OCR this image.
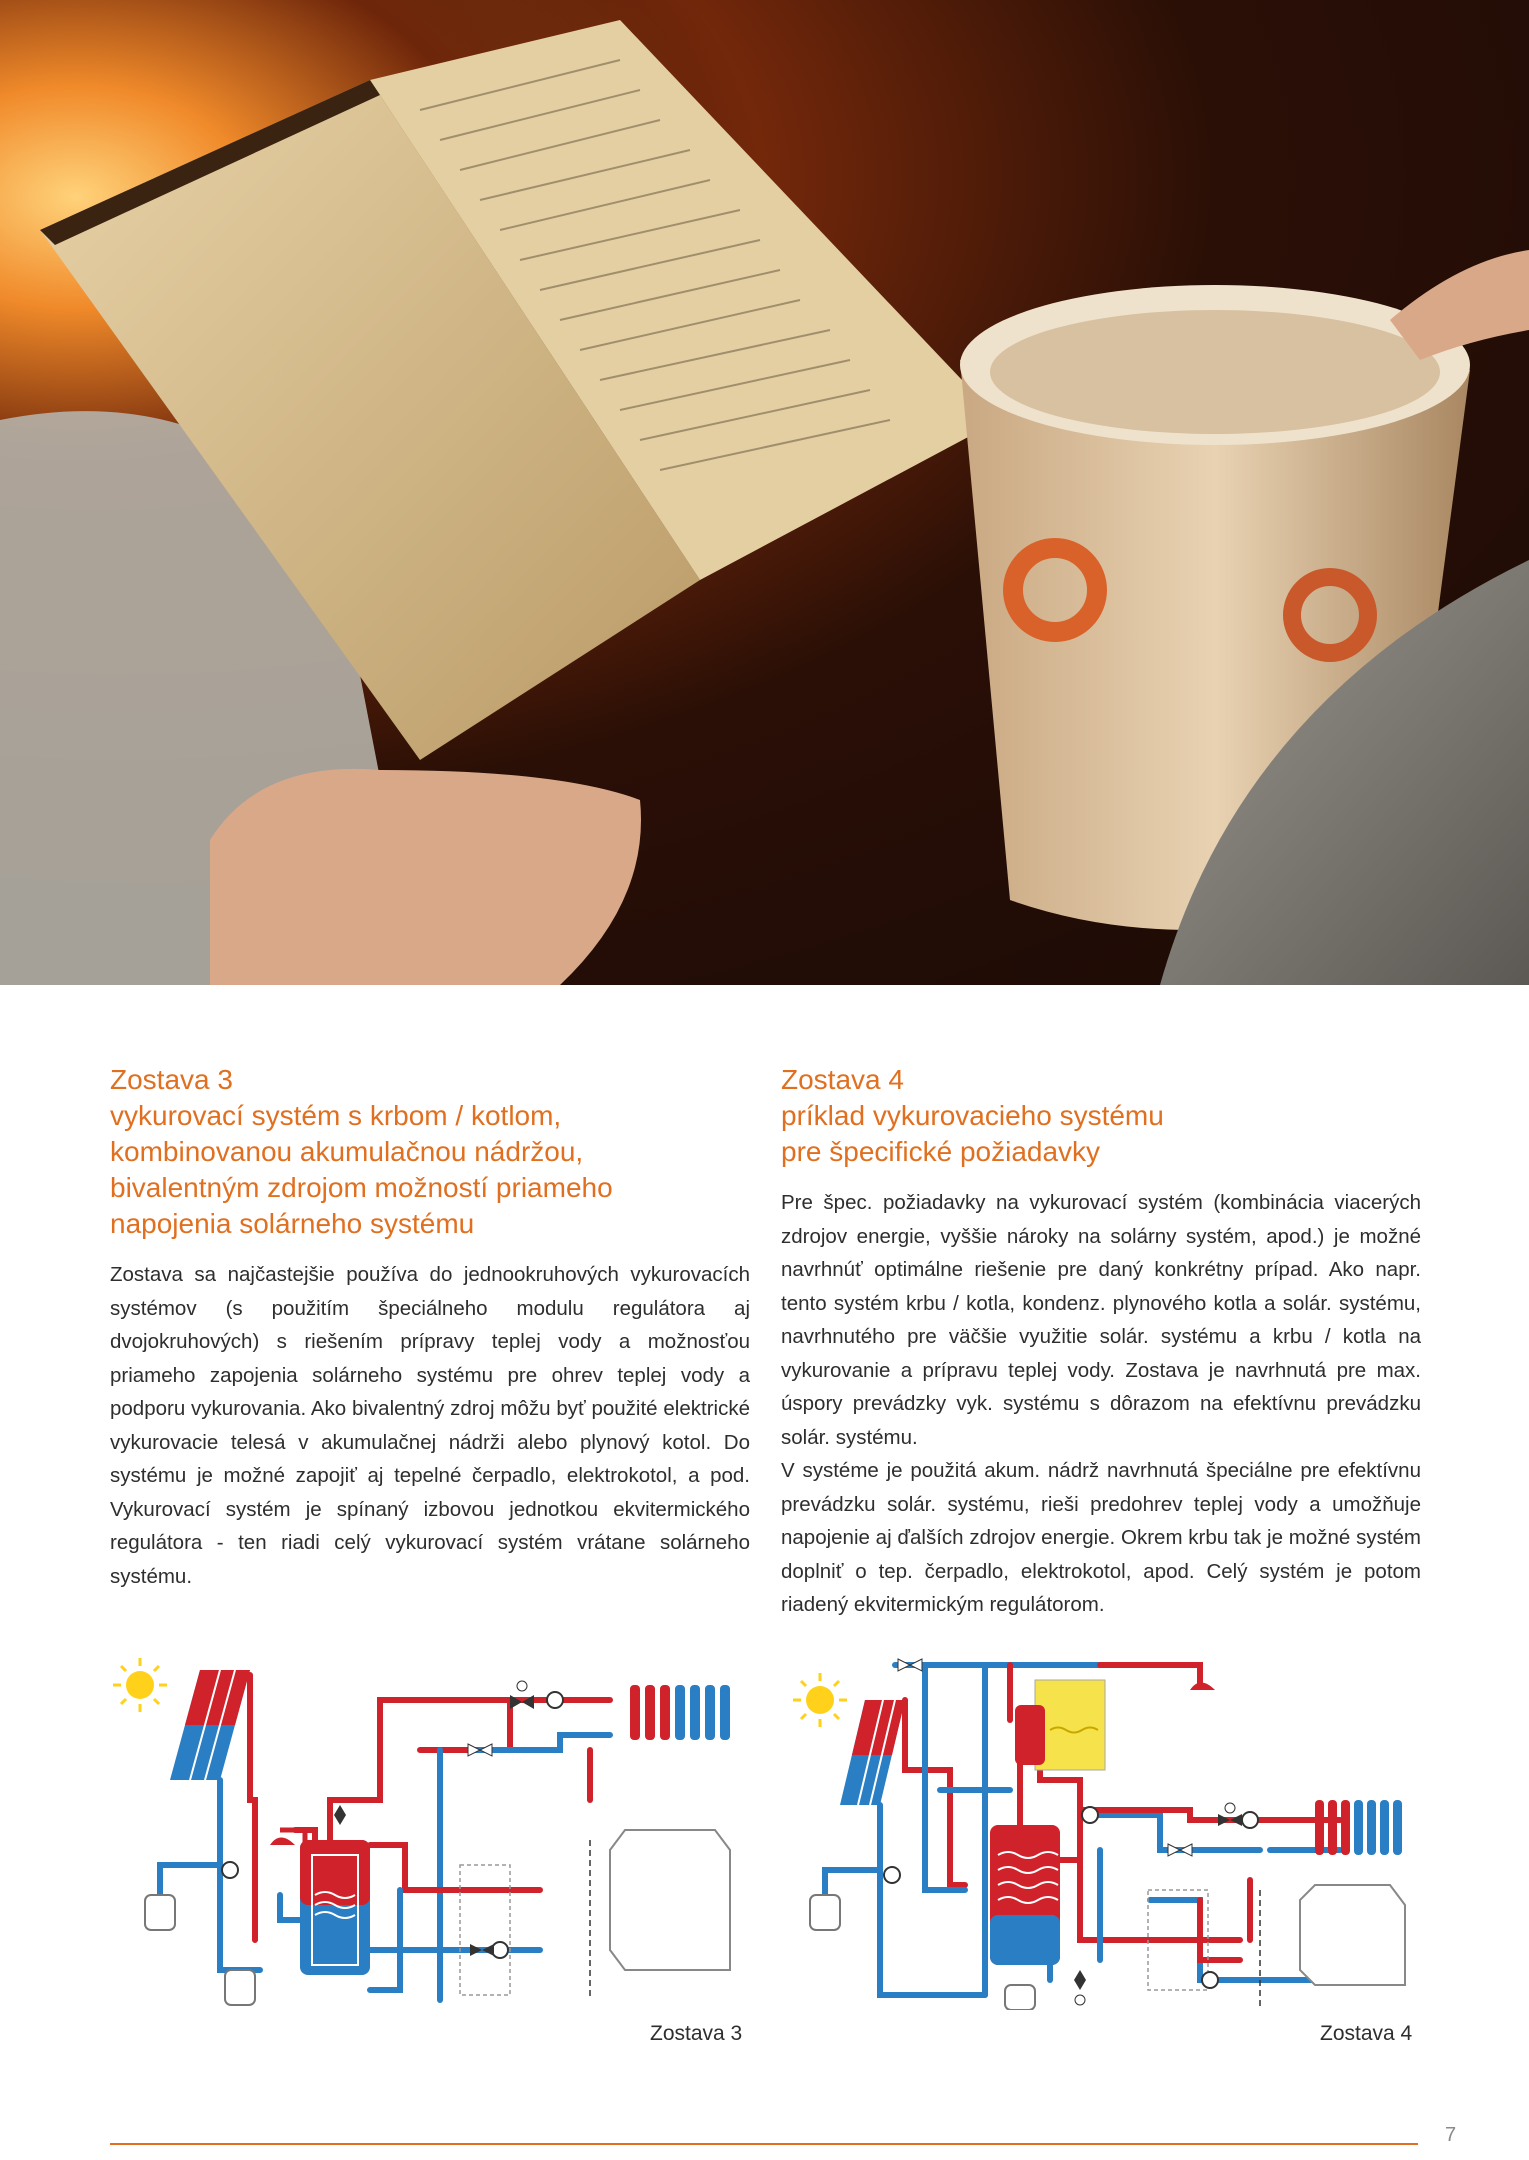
Zostava 3
vykurovací systém s krbom / kotlom,
kombinovanou akumulačnou nádržou,
bivalentným zdrojom možností priameho
napojenia solárneho systému

Zostava sa najčastejšie používa do jednookruhových vykurovacích systémov (s použitím špeciálneho modulu regulátora aj dvojokruhových) s riešením prípravy teplej vody a možnosťou priameho zapojenia solárneho systému pre ohrev teplej vody a podporu vykurovania. Ako bivalentný zdroj môžu byť použité elektrické vykurovacie telesá v akumulačnej nádrži alebo plynový kotol. Do systému je možné zapojiť aj tepelné čerpadlo, elektrokotol, a pod. Vykurovací systém je spínaný izbovou jednotkou ekvitermického regulátora - ten riadi celý vykurovací systém vrátane solárneho systému.

Zostava 4
príklad vykurovacieho systému
pre špecifické požiadavky

Pre špec. požiadavky na vykurovací systém (kombinácia viacerých zdrojov energie, vyššie nároky na solárny systém, apod.) je možné navrhnúť optimálne riešenie pre daný konkrétny prípad. Ako napr. tento systém krbu / kotla, kondenz. plynového kotla a solár. systému, navrhnutého pre väčšie využitie solár. systému a krbu / kotla na vykurovanie a prípravu teplej vody. Zostava je navrhnutá pre max. úspory prevádzky vyk. systému s dôrazom na efektívnu prevádzku solár. systému.

V systéme je použitá akum. nádrž navrhnutá špeciálne pre efektívnu prevádzku solár. systému, rieši predohrev teplej vody a umožňuje napojenie aj ďalších zdrojov energie. Okrem krbu tak je možné systém doplniť o tep. čerpadlo, elektrokotol, apod. Celý systém je potom riadený ekvitermickým regulátorom.

Zostava 3	Zostava 4
7
